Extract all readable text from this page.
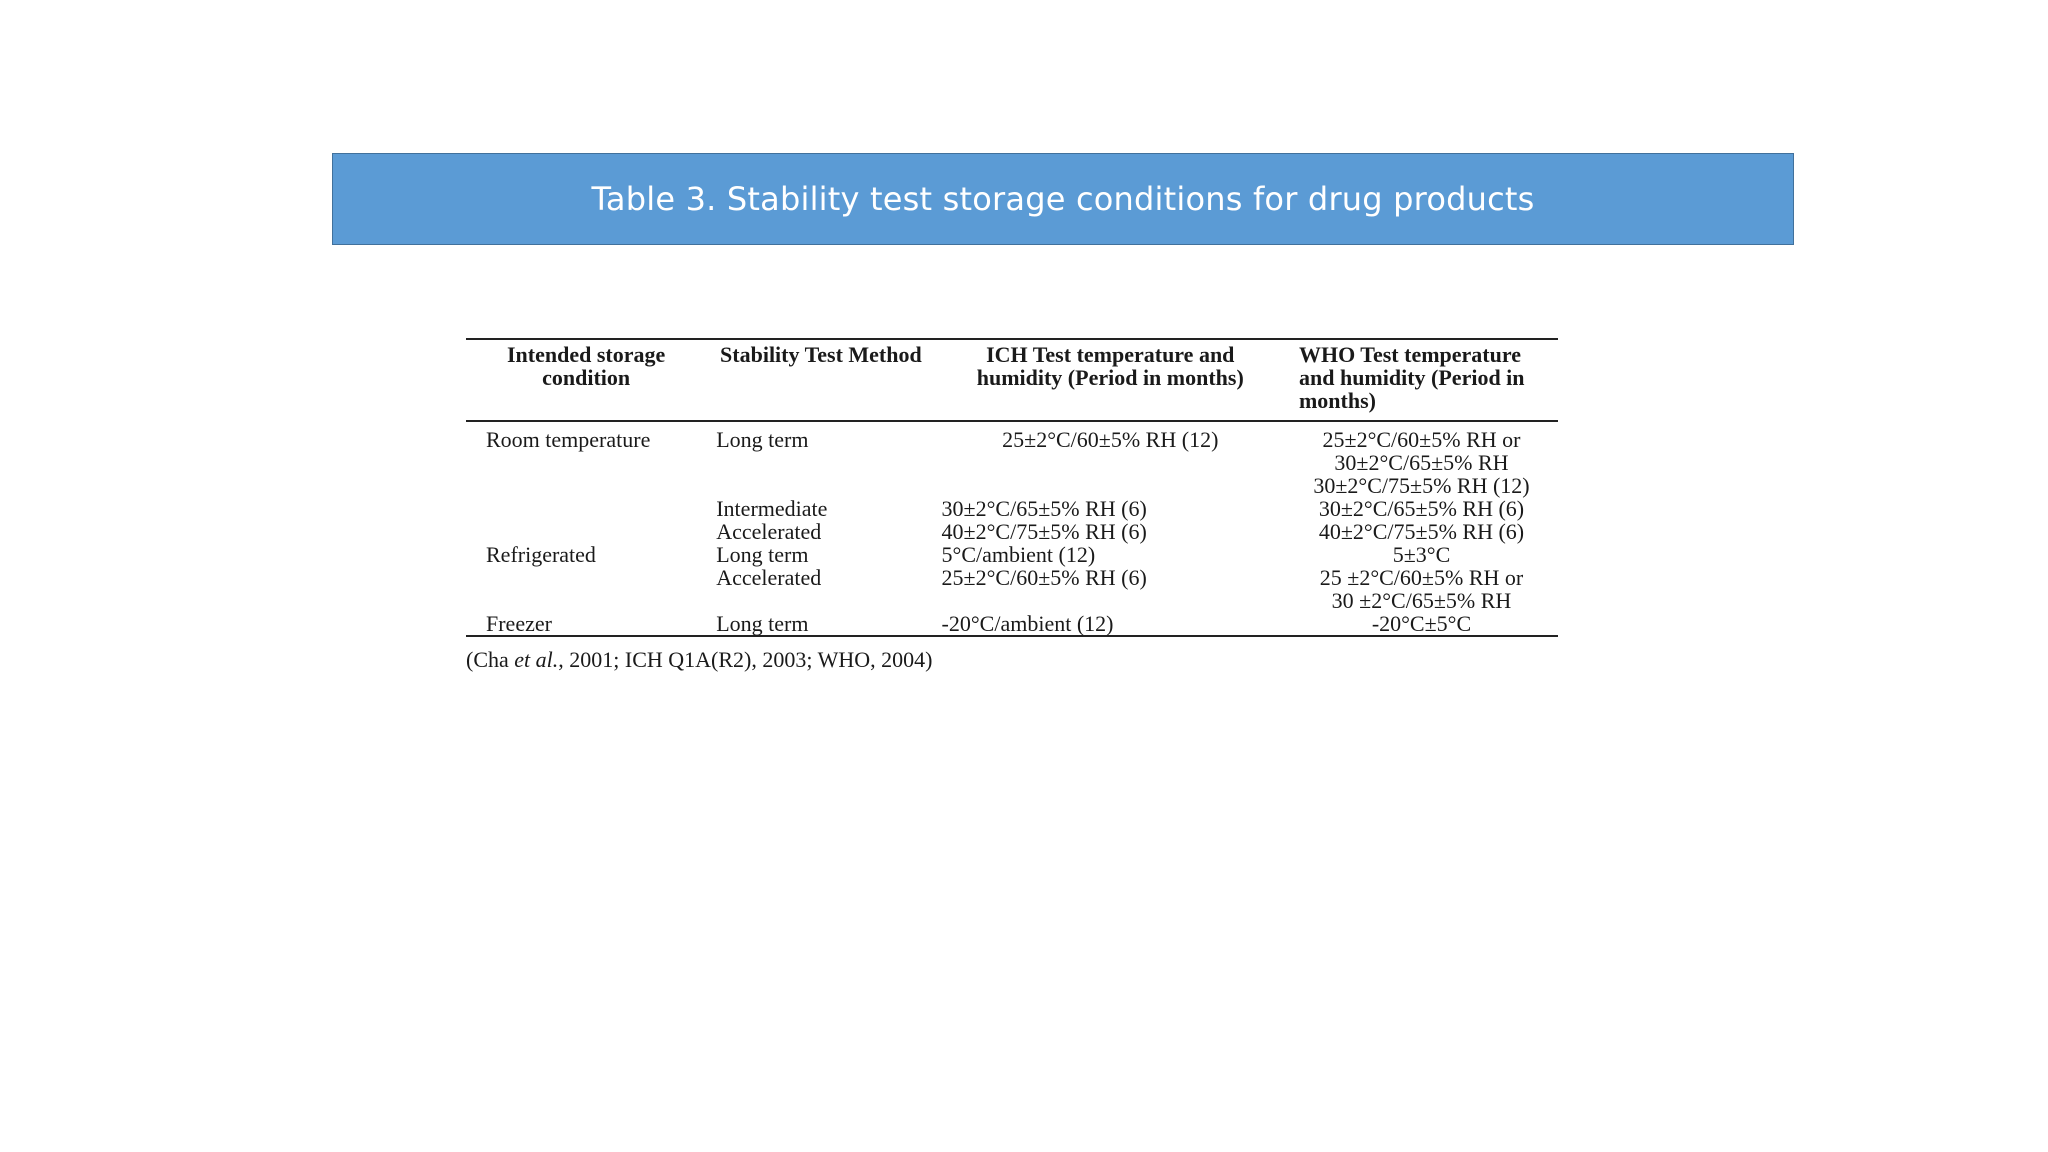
Table 3. Stability test storage conditions for drug products
Intended storage condition	Stability Test Method	ICH Test temperature and humidity (Period in months)	WHO Test temperature and humidity (Period in months)
Room temperature	Long term	25±2°C/60±5% RH (12)	25±2°C/60±5% RH or
30±2°C/65±5% RH
30±2°C/75±5% RH (12)

	Intermediate	30±2°C/65±5% RH (6)	30±2°C/65±5% RH (6)

	Accelerated	40±2°C/75±5% RH (6)	40±2°C/75±5% RH (6)

Refrigerated	Long term	5°C/ambient (12)	5±3°C

	Accelerated	25±2°C/60±5% RH (6)	25 ±2°C/60±5% RH or
30 ±2°C/65±5% RH

Freezer	Long term	-20°C/ambient (12)	-20°C±5°C
(Cha et al., 2001; ICH Q1A(R2), 2003; WHO, 2004)
